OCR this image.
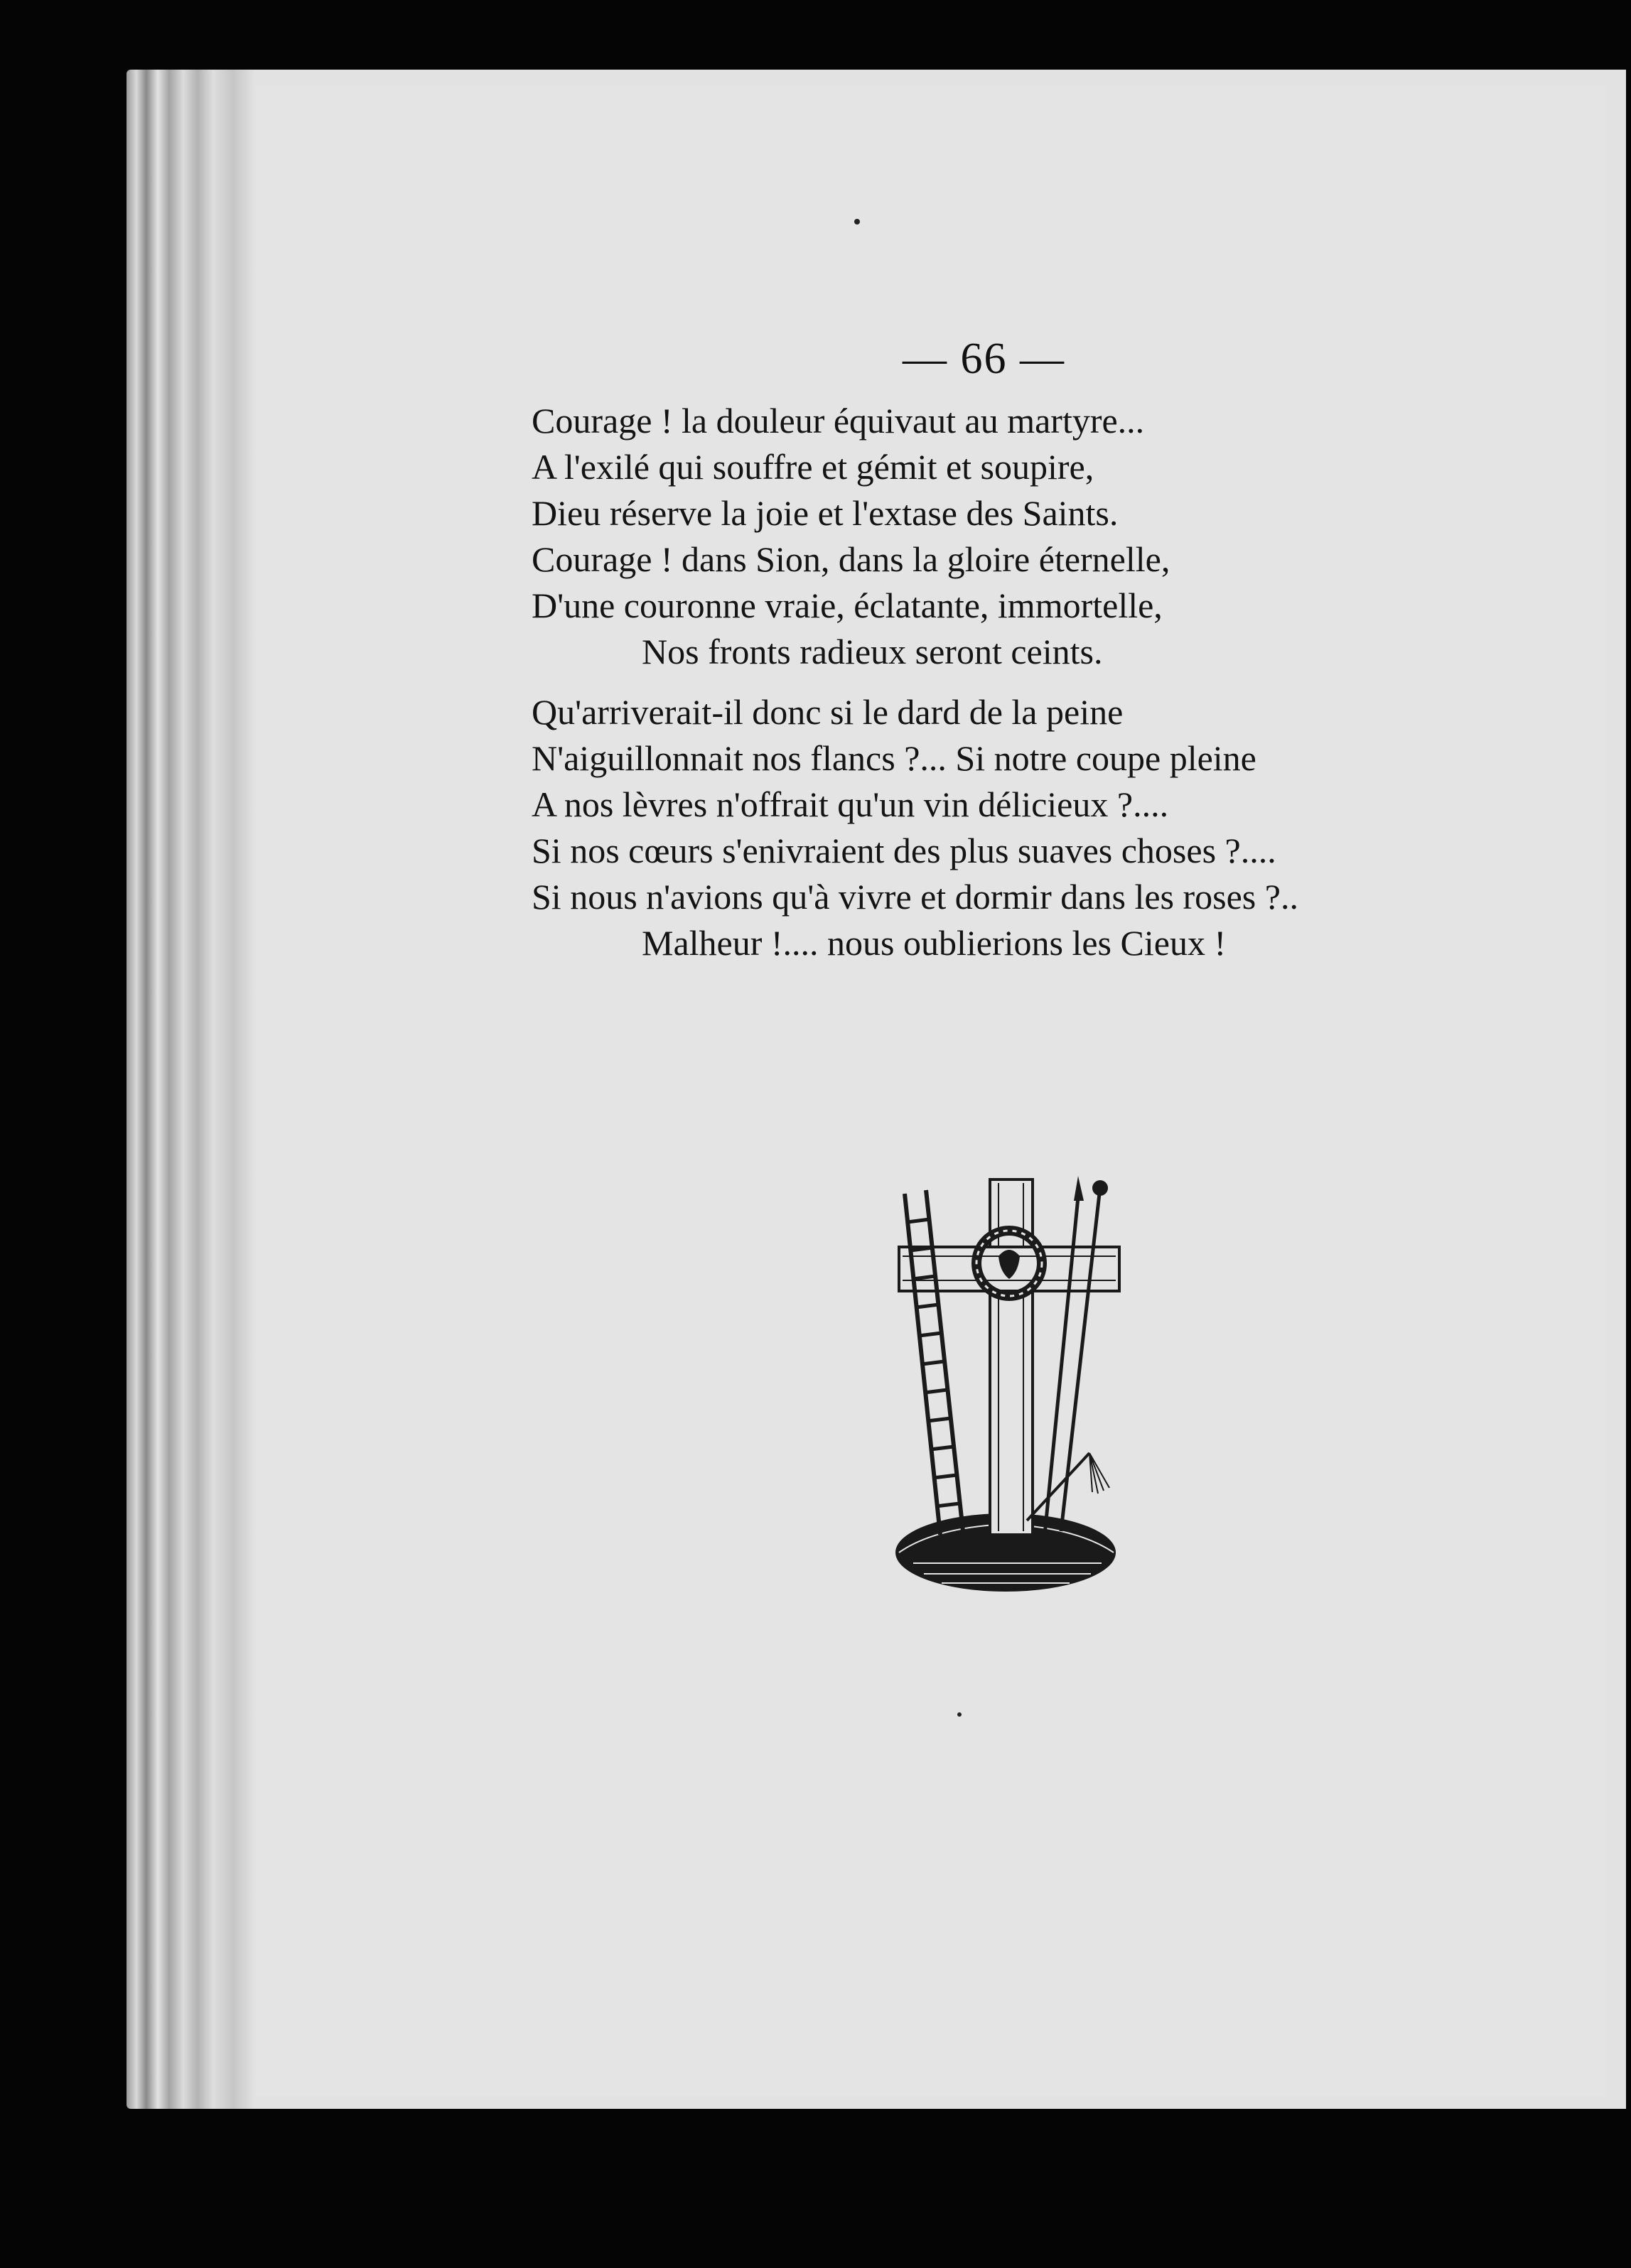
— 66 —
Courage ! la douleur équivaut au martyre...
A l'exilé qui souffre et gémit et soupire,
Dieu réserve la joie et l'extase des Saints.
Courage ! dans Sion, dans la gloire éternelle,
D'une couronne vraie, éclatante, immortelle,
Nos fronts radieux seront ceints.
Qu'arriverait-il donc si le dard de la peine
N'aiguillonnait nos flancs ?... Si notre coupe pleine
A nos lèvres n'offrait qu'un vin délicieux ?....
Si nos cœurs s'enivraient des plus suaves choses ?....
Si nous n'avions qu'à vivre et dormir dans les roses ?..
Malheur !.... nous oublierions les Cieux !
